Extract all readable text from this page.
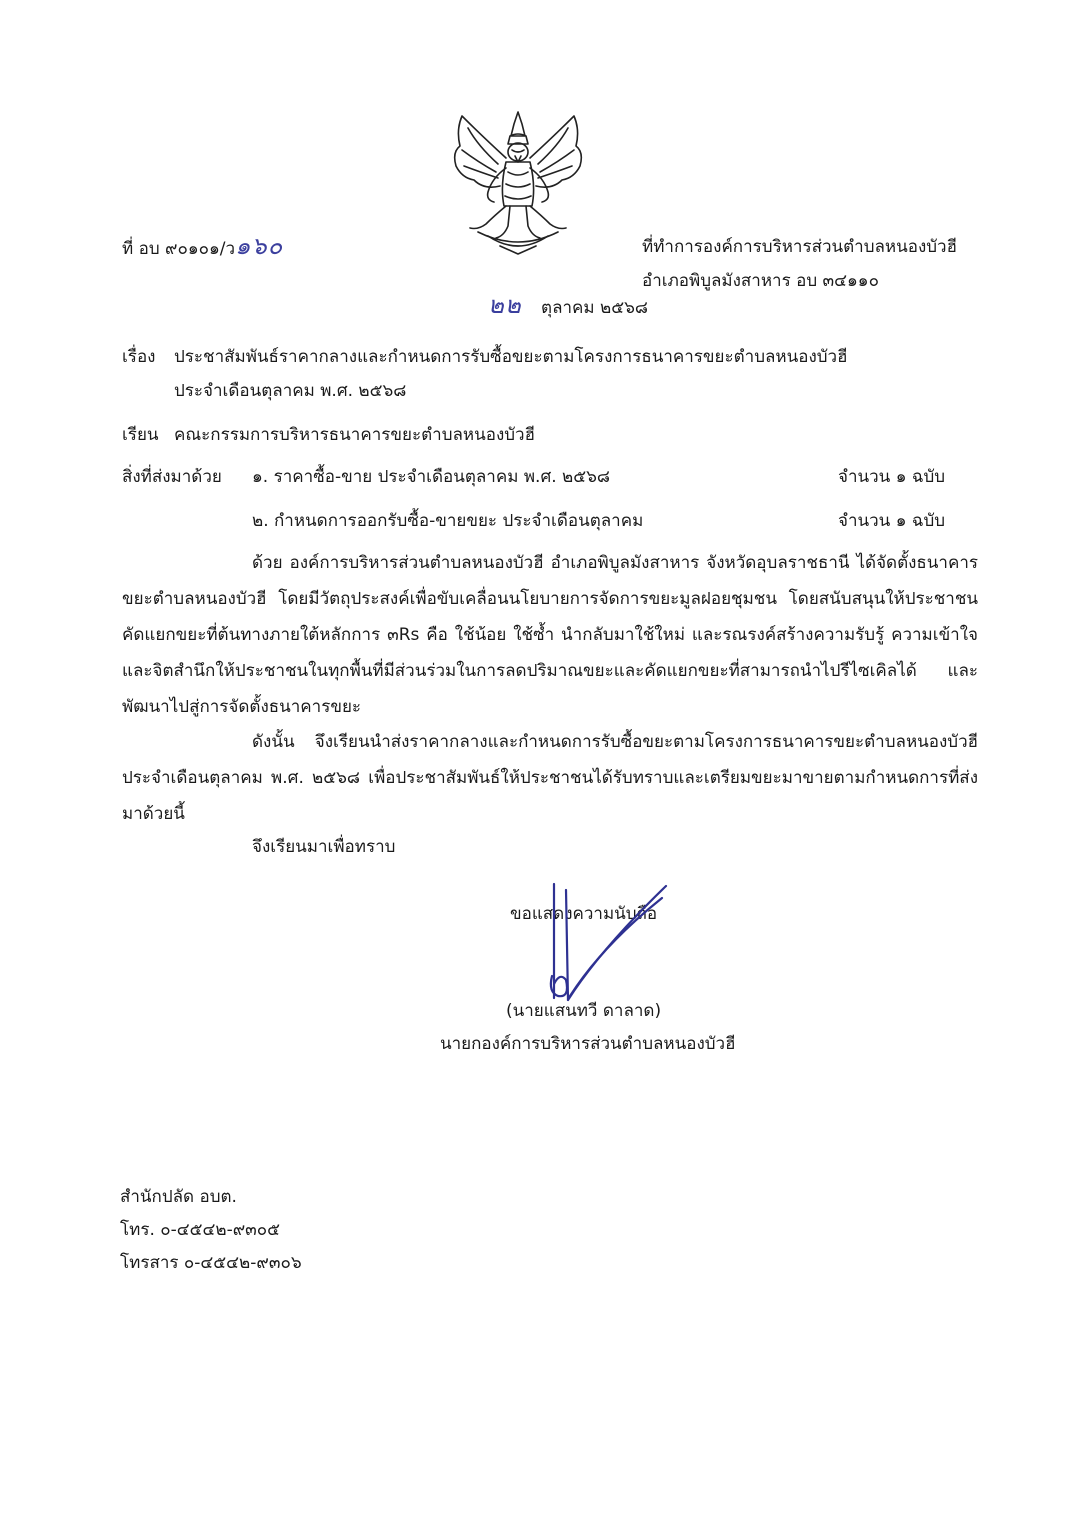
ที่ อบ ๙๐๑๐๑/ว๑๖๐	ที่ทำการองค์การบริหารส่วนตำบลหนองบัวฮี
อำเภอพิบูลมังสาหาร อบ ๓๔๑๑๐
๒๒ ตุลาคม ๒๕๖๘
เรื่อง ประชาสัมพันธ์ราคากลางและกำหนดการรับซื้อขยะตามโครงการธนาคารขยะตำบลหนองบัวฮี
ประจำเดือนตุลาคม พ.ศ. ๒๕๖๘
เรียน คณะกรรมการบริหารธนาคารขยะตำบลหนองบัวฮี
สิ่งที่ส่งมาด้วย ๑. ราคาซื้อ-ขาย ประจำเดือนตุลาคม พ.ศ. ๒๕๖๘	จำนวน ๑ ฉบับ
๒. กำหนดการออกรับซื้อ-ขายขยะ ประจำเดือนตุลาคม	จำนวน ๑ ฉบับ

ด้วย องค์การบริหารส่วนตำบลหนองบัวฮี อำเภอพิบูลมังสาหาร จังหวัดอุบลราชธานี ได้จัดตั้งธนาคารขยะตำบลหนองบัวฮี โดยมีวัตถุประสงค์เพื่อขับเคลื่อนนโยบายการจัดการขยะมูลฝอยชุมชน โดยสนับสนุนให้ประชาชนคัดแยกขยะที่ต้นทางภายใต้หลักการ ๓Rs คือ ใช้น้อย ใช้ซ้ำ นำกลับมาใช้ใหม่ และรณรงค์สร้างความรับรู้ ความเข้าใจและจิตสำนึกให้ประชาชนในทุกพื้นที่มีส่วนร่วมในการลดปริมาณขยะและคัดแยกขยะที่สามารถนำไปรีไซเคิลได้ และพัฒนาไปสู่การจัดตั้งธนาคารขยะ

ดังนั้น จึงเรียนนำส่งราคากลางและกำหนดการรับซื้อขยะตามโครงการธนาคารขยะตำบลหนองบัวฮี ประจำเดือนตุลาคม พ.ศ. ๒๕๖๘ เพื่อประชาสัมพันธ์ให้ประชาชนได้รับทราบและเตรียมขยะมาขายตามกำหนดการที่ส่งมาด้วยนี้

จึงเรียนมาเพื่อทราบ
ขอแสดงความนับถือ
(นายแสนทวี ดาลาด)
นายกองค์การบริหารส่วนตำบลหนองบัวฮี
สำนักปลัด อบต.
โทร. ๐-๔๕๔๒-๙๓๐๕
โทรสาร ๐-๔๕๔๒-๙๓๐๖
